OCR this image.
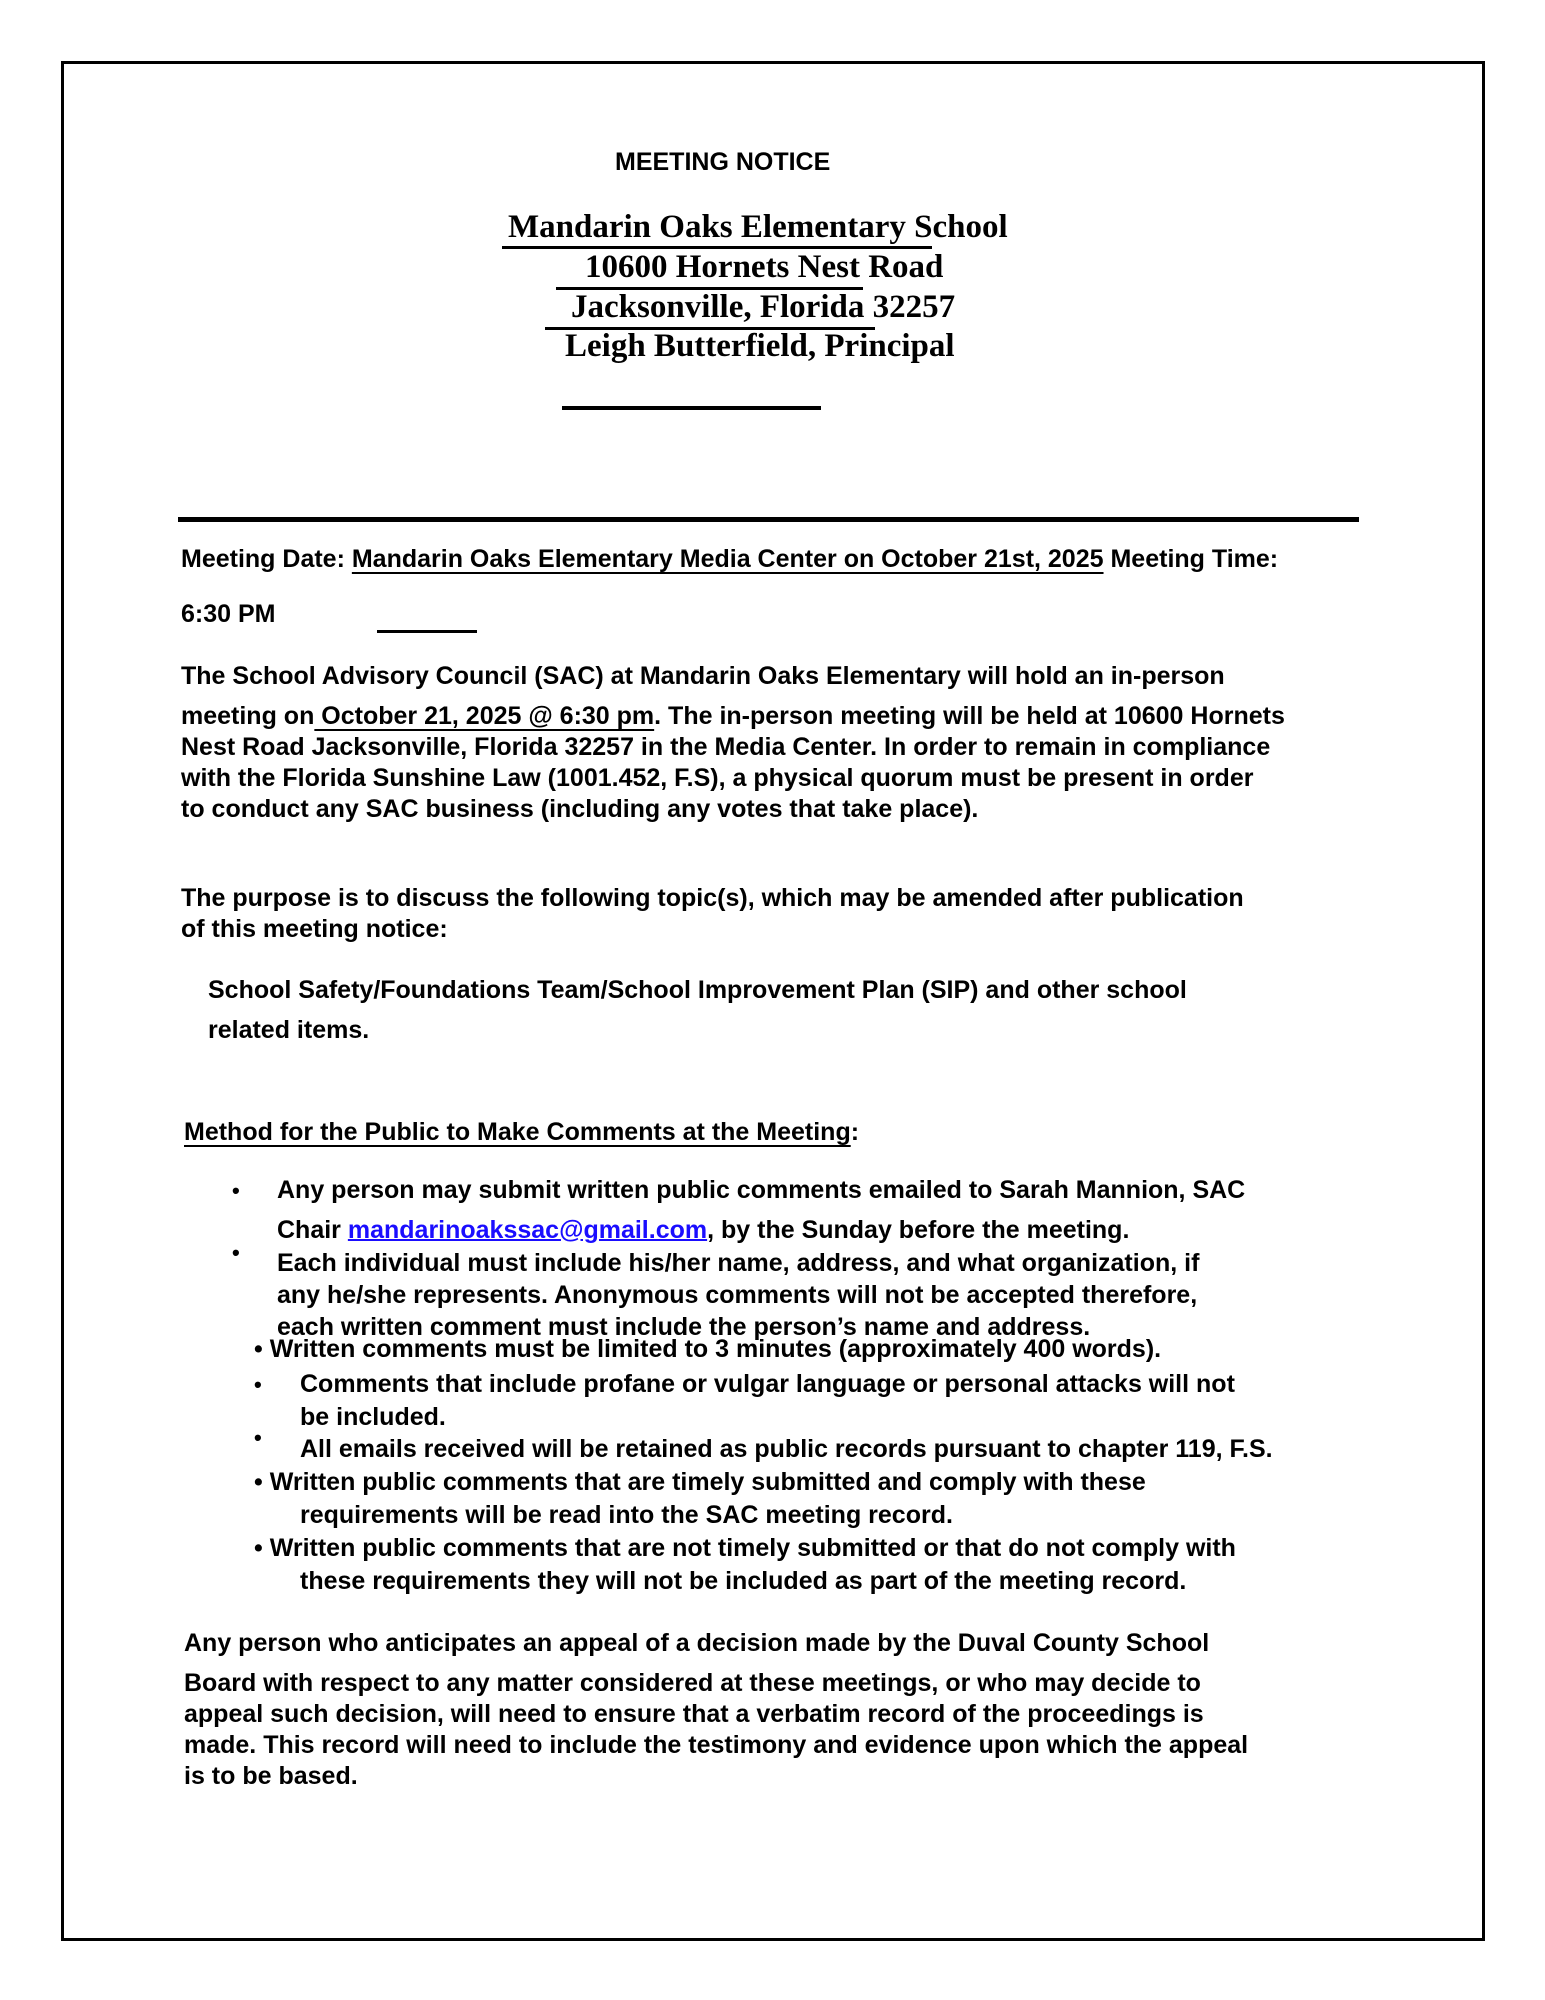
MEETING NOTICE
Mandarin Oaks Elementary School
10600 Hornets Nest Road
Jacksonville, Florida 32257
Leigh Butterfield, Principal
Meeting Date: Mandarin Oaks Elementary Media Center on October 21st, 2025 Meeting Time:
6:30 PM
The School Advisory Council (SAC) at Mandarin Oaks Elementary will hold an in-person
meeting on October 21, 2025 @ 6:30 pm. The in-person meeting will be held at 10600 Hornets
Nest Road Jacksonville, Florida 32257 in the Media Center. In order to remain in compliance
with the Florida Sunshine Law (1001.452, F.S), a physical quorum must be present in order
to conduct any SAC business (including any votes that take place).
The purpose is to discuss the following topic(s), which may be amended after publication
of this meeting notice:
School Safety/Foundations Team/School Improvement Plan (SIP) and other school
related items.
Method for the Public to Make Comments at the Meeting:
• Any person may submit written public comments emailed to Sarah Mannion, SAC
Chair mandarinoakssac@gmail.com, by the Sunday before the meeting.
• Each individual must include his/her name, address, and what organization, if
any he/she represents. Anonymous comments will not be accepted therefore,
each written comment must include the person’s name and address.
• Written comments must be limited to 3 minutes (approximately 400 words).
• Comments that include profane or vulgar language or personal attacks will not
be included.
• All emails received will be retained as public records pursuant to chapter 119, F.S.
• Written public comments that are timely submitted and comply with these
requirements will be read into the SAC meeting record.
• Written public comments that are not timely submitted or that do not comply with
these requirements they will not be included as part of the meeting record.
Any person who anticipates an appeal of a decision made by the Duval County School
Board with respect to any matter considered at these meetings, or who may decide to
appeal such decision, will need to ensure that a verbatim record of the proceedings is
made. This record will need to include the testimony and evidence upon which the appeal
is to be based.
